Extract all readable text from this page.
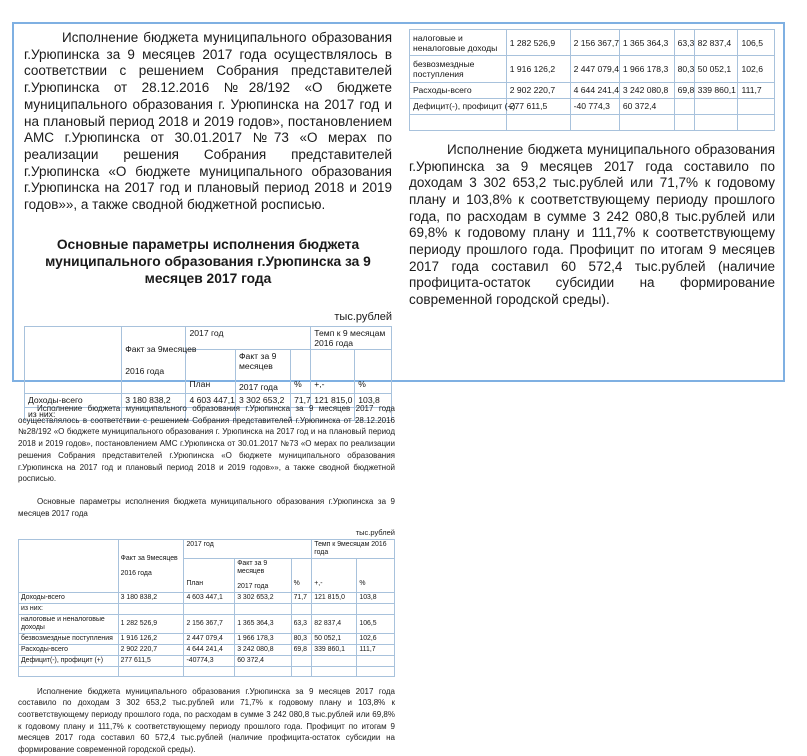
Исполнение бюджета муниципального образования г.Урюпинска за 9 месяцев 2017 года осуществлялось в соответствии с решением Собрания представителей г.Урюпинска от 28.12.2016 №28/192 «О бюджете муниципального образования г. Урюпинска на 2017 год и на плановый период 2018 и 2019 годов», постановлением АМС г.Урюпинска от 30.01.2017 №73 «О мерах по реализации решения Собрания представителей г.Урюпинска «О бюджете муниципального образования г.Урюпинска на 2017 год и плановый период 2018 и 2019 годов»», а также сводной бюджетной росписью.

Основные параметры исполнения бюджета муниципального образования г.Урюпинска за 9 месяцев 2017 года

тыс.рублей

	Факт за 9месяцев
2016 года	2017 год			Темп к 9 месяцам 2016 года	
		План	Факт за 9 месяцев
2017 года	%	+,-	%
Доходы-всего	3 180 838,2	4 603 447,1	3 302 653,2	71,7	121 815,0	103,8
из них:						
налоговые и неналоговые доходы	1 282 526,9	2 156 367,7	1 365 364,3	63,3	82 837,4	106,5
безвозмездные поступления	1 916 126,2	2 447 079,4	1 966 178,3	80,3	50 052,1	102,6
Расходы-всего	2 902 220,7	4 644 241,4	3 242 080,8	69,8	339 860,1	111,7
Дефицит(-), профицит (+)	277 611,5	-40 774,3	60 372,4			

Исполнение бюджета муниципального образования г.Урюпинска за 9 месяцев 2017 года составило по доходам 3 302 653,2 тыс.рублей или 71,7% к годовому плану и 103,8% к соответствующему периоду прошлого года, по расходам в сумме 3 242 080,8 тыс.рублей или 69,8% к годовому плану и 111,7% к соответствующему периоду прошлого года. Профицит по итогам 9 месяцев 2017 года составил 60 572,4 тыс.рублей (наличие профицита-остаток субсидии на формирование современной городской среды).

Исполнение бюджета муниципального образования г.Урюпинска за 9 месяцев 2017 года осуществлялось в соответствии с решением Собрания представителей г.Урюпинска от 28.12.2016 №28/192 «О бюджете муниципального образования г. Урюпинска на 2017 год и на плановый период 2018 и 2019 годов», постановлением АМС г.Урюпинска от 30.01.2017 №73 «О мерах по реализации решения Собрания представителей г.Урюпинска «О бюджете муниципального образования г.Урюпинска на 2017 год и плановый период 2018 и 2019 годов»», а также сводной бюджетной росписью.

Основные параметры исполнения бюджета муниципального образования г.Урюпинска за 9 месяцев 2017 года

тыс.рублей

	Факт за 9месяцев
2016 года	2017 год			Темп к 9месяцам 2016 года	
		План	Факт за 9 месяцев
2017 года	%	+,-	%
Доходы-всего	3 180 838,2	4 603 447,1	3 302 653,2	71,7	121 815,0	103,8
из них:						
налоговые и неналоговые доходы	1 282 526,9	2 156 367,7	1 365 364,3	63,3	82 837,4	106,5
безвозмездные поступления	1 916 126,2	2 447 079,4	1 966 178,3	80,3	50 052,1	102,6
Расходы-всего	2 902 220,7	4 644 241,4	3 242 080,8	69,8	339 860,1	111,7
Дефицит(-), профицит (+)	277 611,5	-40774,3	60 372,4			

Исполнение бюджета муниципального образования г.Урюпинска за 9 месяцев 2017 года составило по доходам 3 302 653,2 тыс.рублей или 71,7% к годовому плану и 103,8% к соответствующему периоду прошлого года, по расходам в сумме 3 242 080,8 тыс.рублей или 69,8% к годовому плану и 111,7% к соответствующему периоду прошлого года. Профицит по итогам 9 месяцев 2017 года составил 60 572,4 тыс.рублей (наличие профицита-остаток субсидии на формирование современной городской среды).
